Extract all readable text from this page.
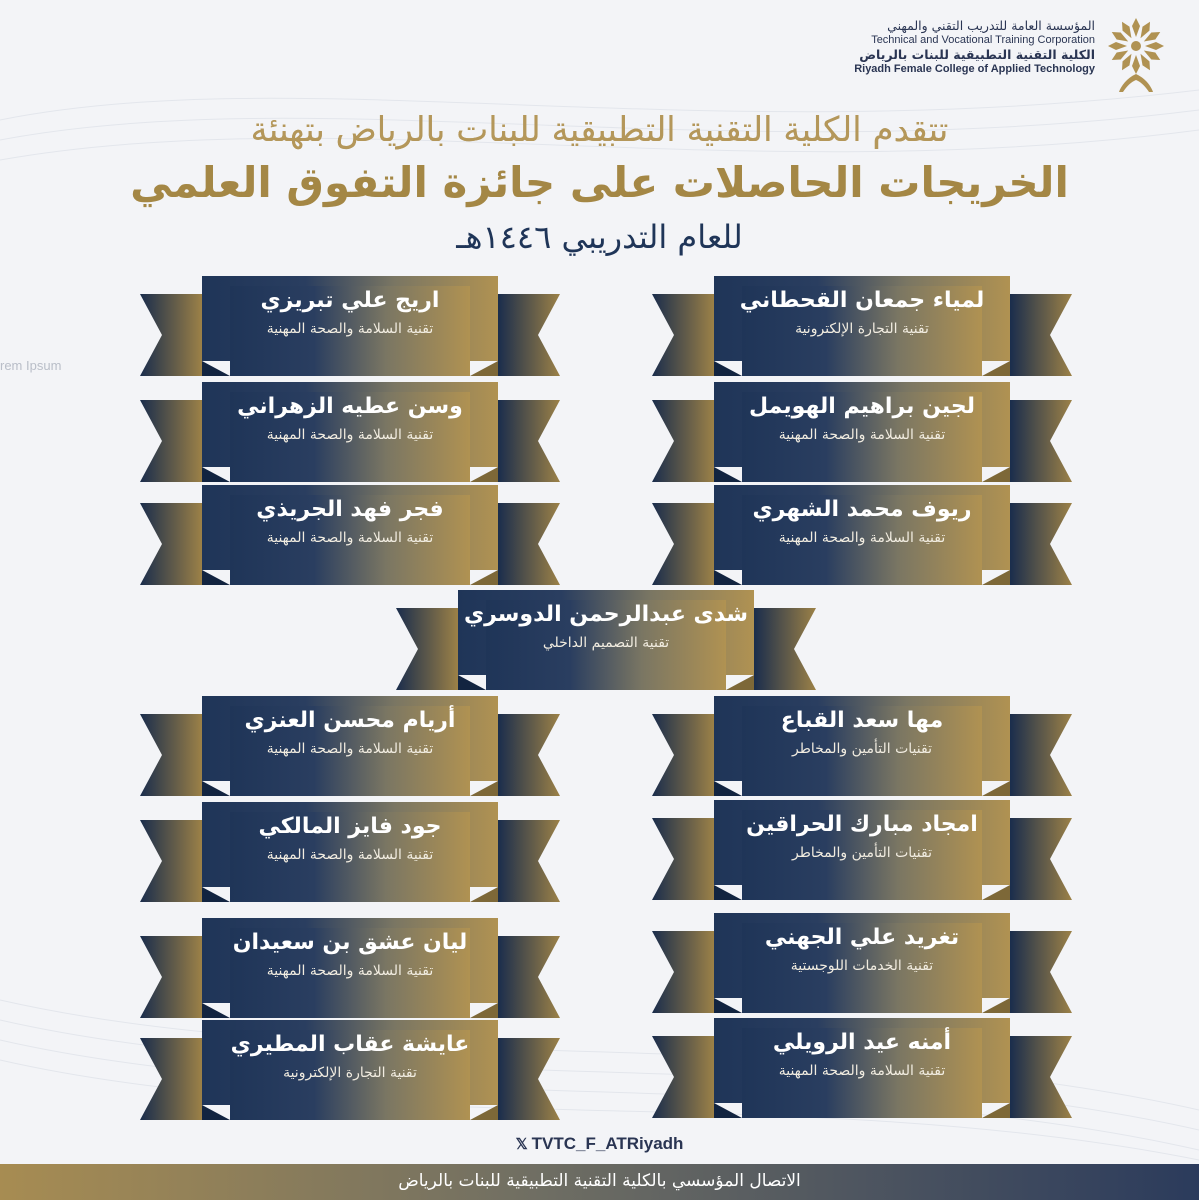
rem Ipsum
المؤسسة العامة للتدريب التقني والمهني
Technical and Vocational Training Corporation
الكلية التقنية التطبيقية للبنات بالرياض
Riyadh Female College of Applied Technology
تتقدم الكلية التقنية التطبيقية للبنات بالرياض بتهنئة
الخريجات الحاصلات على جائزة التفوق العلمي
للعام التدريبي ١٤٤٦هـ
اريج علي تبريزي
تقنية السلامة والصحة المهنية
وسن عطيه الزهراني
تقنية السلامة والصحة المهنية
فجر فهد الجريذي
تقنية السلامة والصحة المهنية
لمياء جمعان القحطاني
تقنية التجارة الإلكترونية
لجين براهيم الهويمل
تقنية السلامة والصحة المهنية
ريوف محمد الشهري
تقنية السلامة والصحة المهنية
شدى عبدالرحمن الدوسري
تقنية التصميم الداخلي
أريام محسن العنزي
تقنية السلامة والصحة المهنية
جود فايز المالكي
تقنية السلامة والصحة المهنية
ليان عشق بن سعيدان
تقنية السلامة والصحة المهنية
عايشة عقاب المطيري
تقنية التجارة الإلكترونية
مها سعد القباع
تقنيات التأمين والمخاطر
امجاد مبارك الحراقين
تقنيات التأمين والمخاطر
تغريد علي الجهني
تقنية الخدمات اللوجستية
أمنه عيد الرويلي
تقنية السلامة والصحة المهنية
𝕏 TVTC_F_ATRiyadh
الاتصال المؤسسي بالكلية التقنية التطبيقية للبنات بالرياض
